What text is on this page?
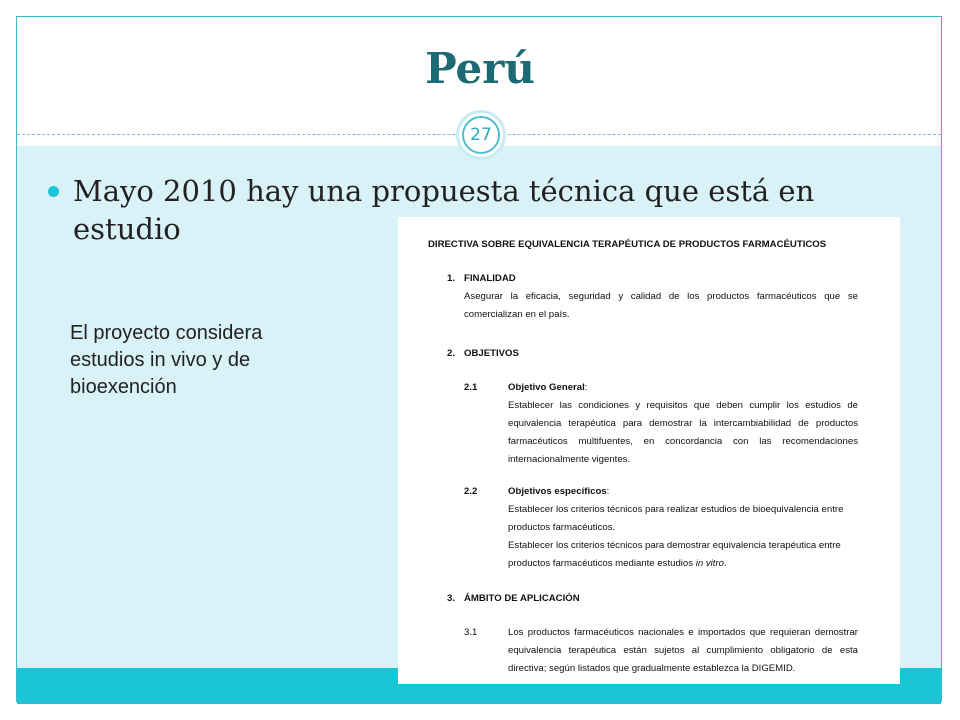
Perú
27
Mayo 2010 hay una propuesta técnica que está en estudio
El proyecto considera estudios in vivo y de bioexención
DIRECTIVA SOBRE EQUIVALENCIA TERAPÉUTICA DE PRODUCTOS FARMACÉUTICOS
1. FINALIDAD
Asegurar la eficacia, seguridad y calidad de los productos farmacéuticos que se
comercializan en el país.
2. OBJETIVOS
2.1	Objetivo General:
Establecer las condiciones y requisitos que deben cumplir los estudios de
equivalencia terapéutica para demostrar la intercambiabilidad de productos
farmacéuticos multifuentes, en concordancia con las recomendaciones
internacionalmente vigentes.
2.2	Objetivos específicos:
Establecer los criterios técnicos para realizar estudios de bioequivalencia entre
productos farmacéuticos.
Establecer los criterios técnicos para demostrar equivalencia terapéutica entre
productos farmacéuticos mediante estudios in vitro.
3. ÁMBITO DE APLICACIÓN
3.1	Los productos farmacéuticos nacionales e importados que requieran demostrar
equivalencia terapéutica están sujetos al cumplimiento obligatorio de esta
directiva; según listados que gradualmente establezca la DIGEMID.
